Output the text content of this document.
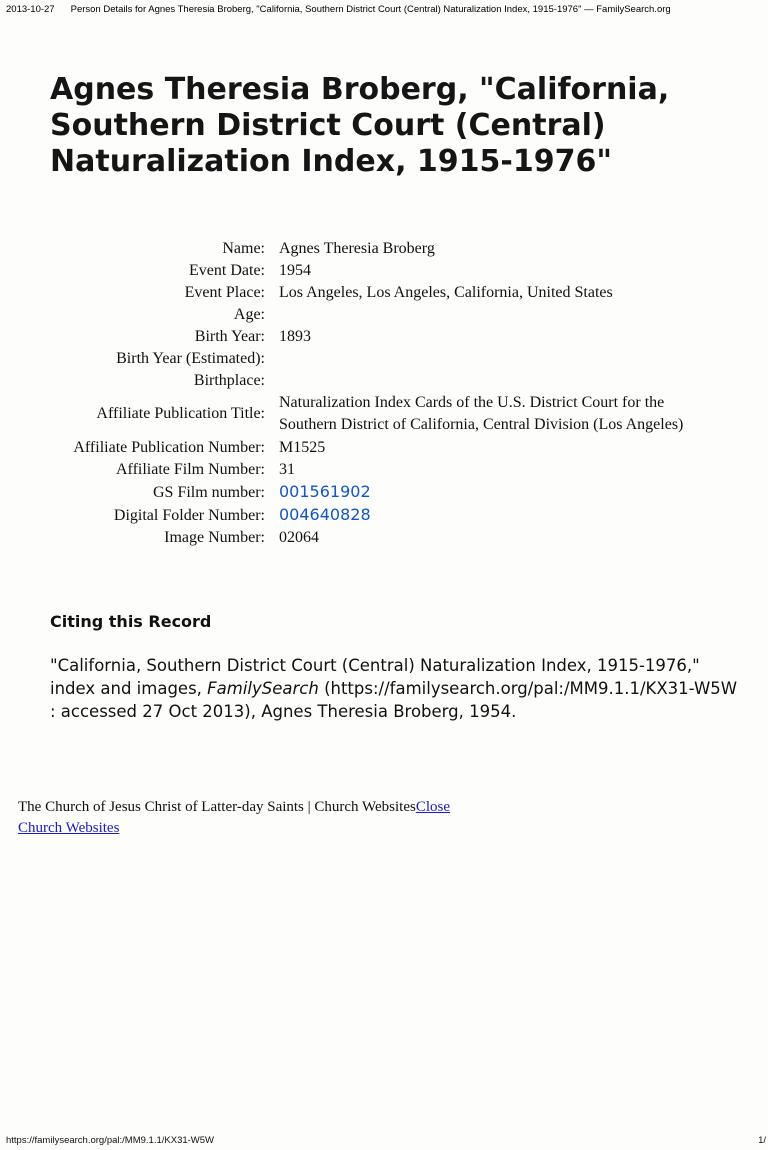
2013-10-27 Person Details for Agnes Theresia Broberg, "California, Southern District Court (Central) Naturalization Index, 1915-1976" — FamilySearch.org
Agnes Theresia Broberg, "California, Southern District Court (Central) Naturalization Index, 1915-1976"
Name:	Agnes Theresia Broberg
Event Date:	1954
Event Place:	Los Angeles, Los Angeles, California, United States
Age:	
Birth Year:	1893
Birth Year (Estimated):	
Birthplace:	
Affiliate Publication Title:	Naturalization Index Cards of the U.S. District Court for the
Southern District of California, Central Division (Los Angeles)

Affiliate Publication Number:	M1525
Affiliate Film Number:	31
GS Film number:	001561902
Digital Folder Number:	004640828
Image Number:	02064
Citing this Record

"California, Southern District Court (Central) Naturalization Index, 1915-1976," index and images, FamilySearch (https://familysearch.org/pal:/MM9.1.1/KX31-W5W : accessed 27 Oct 2013), Agnes Theresia Broberg, 1954.

The Church of Jesus Christ of Latter-day Saints | Church WebsitesClose
Church Websites
https://familysearch.org/pal:/MM9.1.1/KX31-W5W	1/
